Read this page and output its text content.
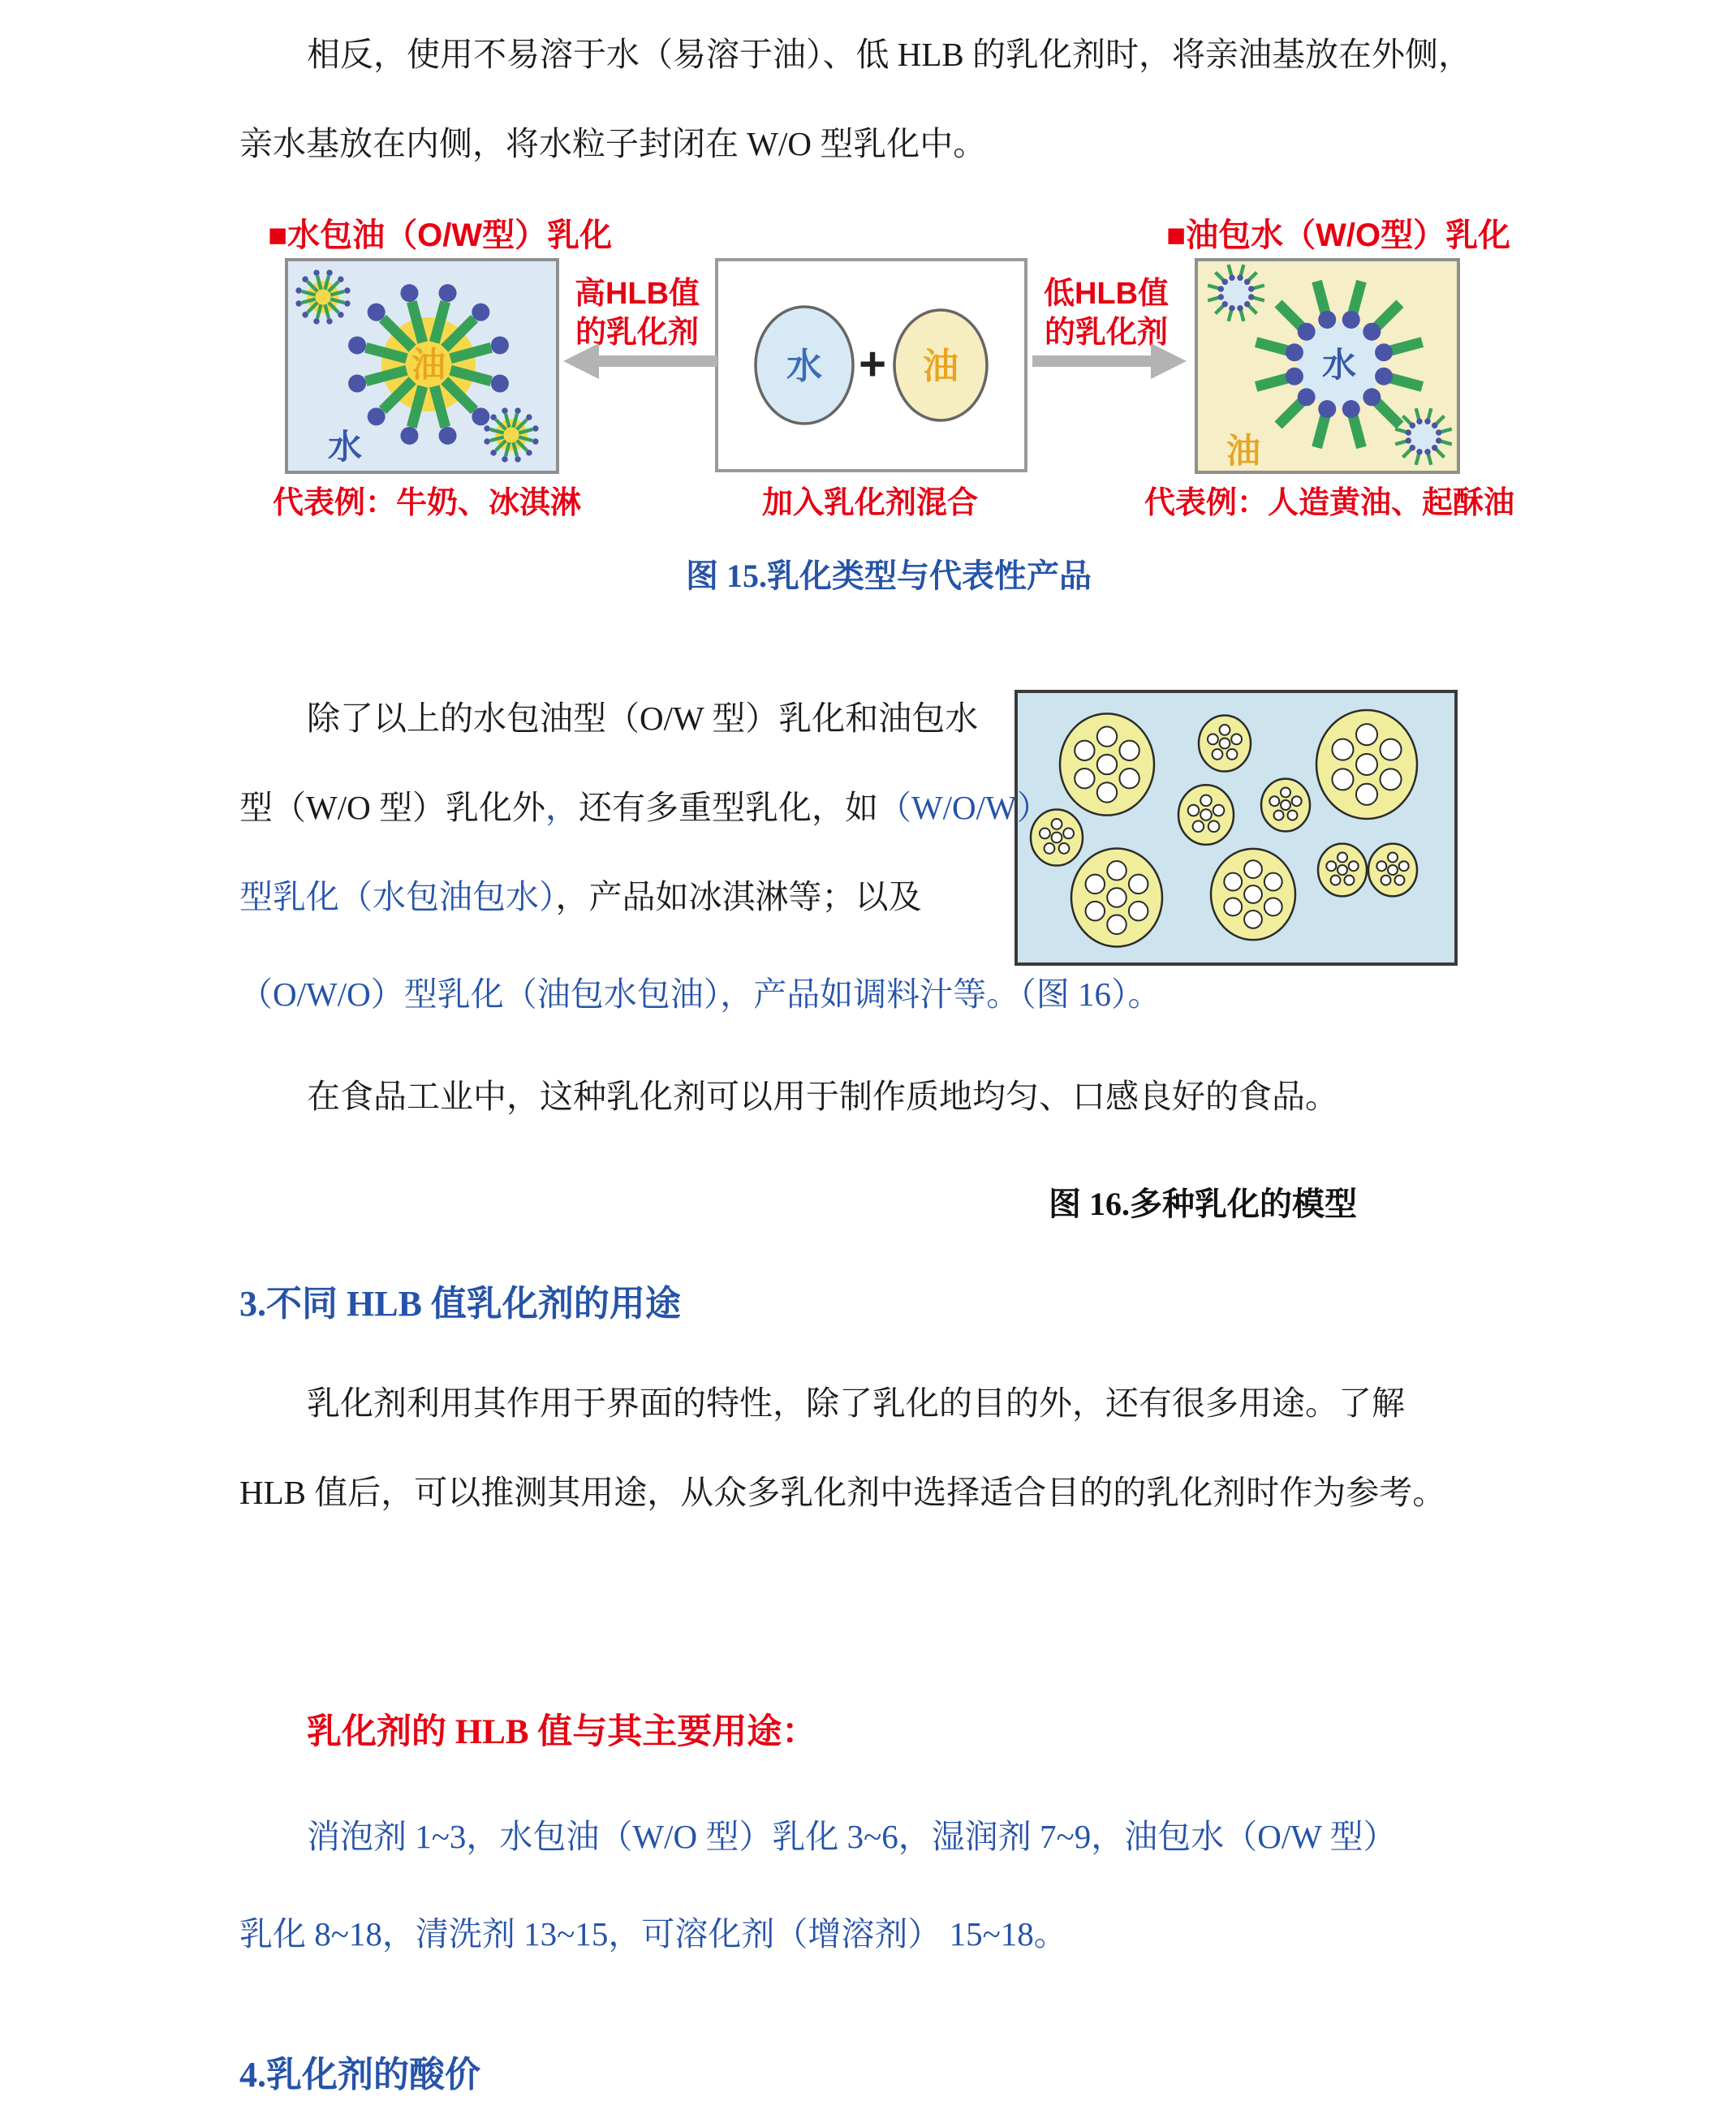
相反，使用不易溶于水（易溶于油）、低 HLB 的乳化剂时，将亲油基放在外侧，
亲水基放在内侧，将水粒子封闭在 W/O 型乳化中。
■水包油（O/W型）乳化	■油包水（W/O型）乳化
油
水
水 + 油	水
油
高HLB值
的乳化剂
低HLB值
的乳化剂
代表例：牛奶、冰淇淋	加入乳化剂混合	代表例：人造黄油、起酥油
图 15.乳化类型与代表性产品
除了以上的水包油型（O/W 型）乳化和油包水
型（W/O 型）乳化外，还有多重型乳化，如（W/O/W）
型乳化（水包油包水），产品如冰淇淋等；以及
（O/W/O）型乳化（油包水包油），产品如调料汁等。（图 16）。
在食品工业中，这种乳化剂可以用于制作质地均匀、口感良好的食品。
图 16.多种乳化的模型
3.不同 HLB 值乳化剂的用途
乳化剂利用其作用于界面的特性，除了乳化的目的外，还有很多用途。了解
HLB 值后，可以推测其用途，从众多乳化剂中选择适合目的的乳化剂时作为参考。
乳化剂的 HLB 值与其主要用途：
消泡剂 1~3，水包油（W/O 型）乳化 3~6，湿润剂 7~9，油包水（O/W 型）
乳化 8~18，清洗剂 13~15，可溶化剂（增溶剂） 15~18。
4.乳化剂的酸价
